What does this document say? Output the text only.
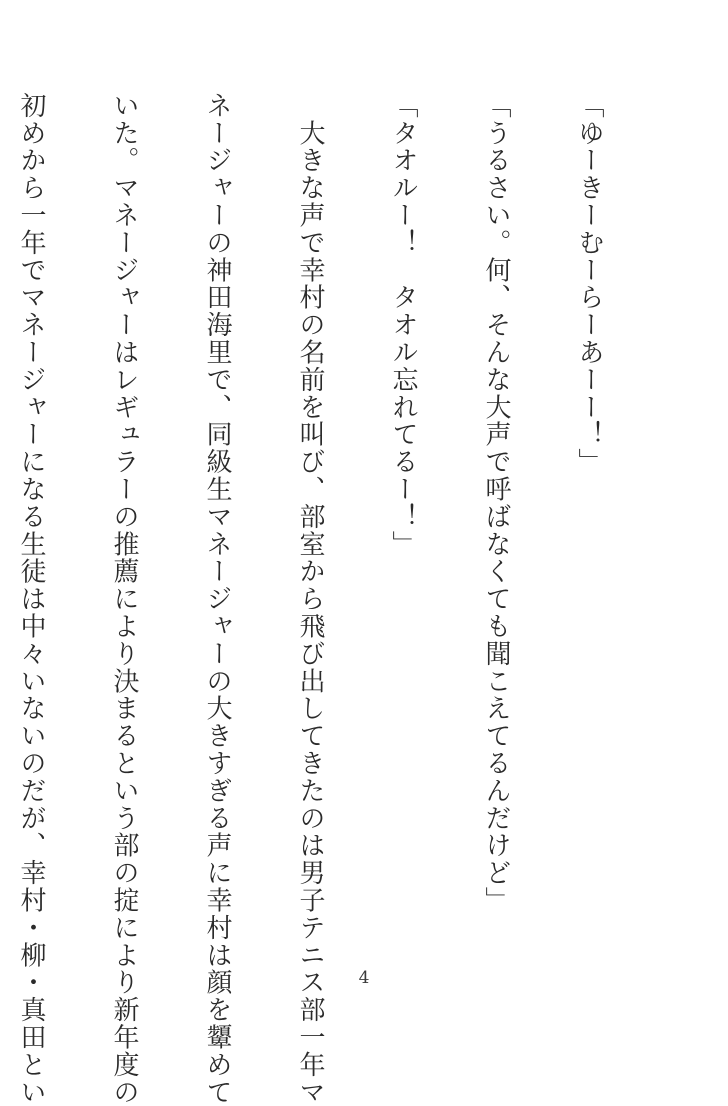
「ゆーきーむーらーあーー！」

「うるさい。何、そんな大声で呼ばなくても聞こえてるんだけど」

「タオルー！　タオル忘れてるー！」

　大きな声で幸村の名前を叫び、部室から飛び出してきたのは男子テニス部一年マ

ネージャーの神田海里で、同級生マネージャーの大きすぎる声に幸村は顔を顰めて

いた。マネージャーはレギュラーの推薦により決まるという部の掟により新年度の

初めから一年でマネージャーになる生徒は中々いないのだが、幸村・柳・真田とい

	4
